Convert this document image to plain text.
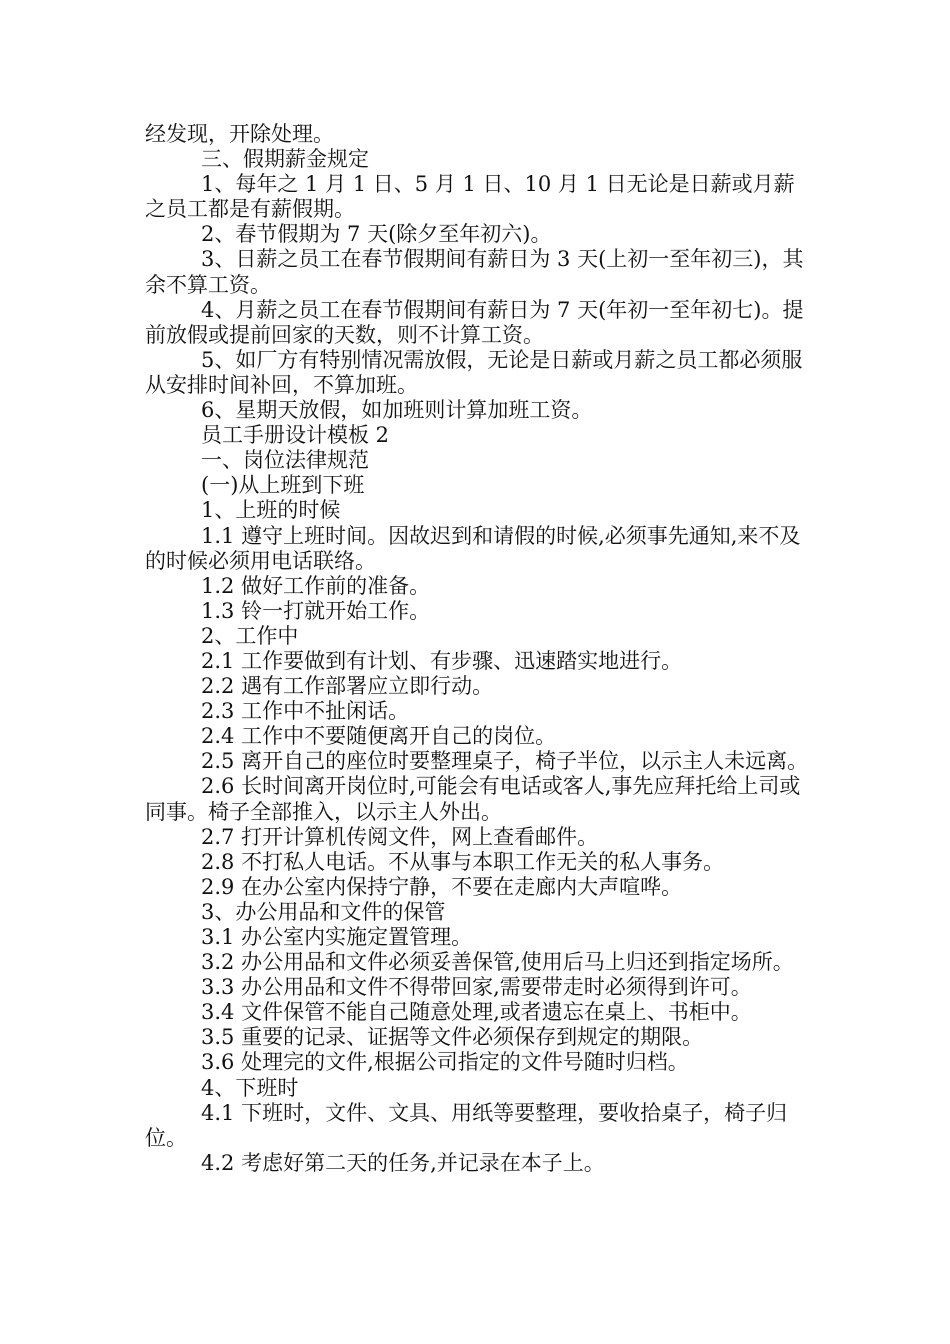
经发现，开除处理。

三、假期薪金规定

1、每年之 1 月 1 日、5 月 1 日、10 月 1 日无论是日薪或月薪之员工都是有薪假期。

2、春节假期为 7 天(除夕至年初六)。

3、日薪之员工在春节假期间有薪日为 3 天(上初一至年初三)，其余不算工资。

4、月薪之员工在春节假期间有薪日为 7 天(年初一至年初七)。提前放假或提前回家的天数，则不计算工资。

5、如厂方有特别情况需放假，无论是日薪或月薪之员工都必须服从安排时间补回，不算加班。

6、星期天放假，如加班则计算加班工资。

员工手册设计模板 2

一、岗位法律规范

(一)从上班到下班

1、上班的时候

1.1 遵守上班时间。因故迟到和请假的时候,必须事先通知,来不及的时候必须用电话联络。

1.2 做好工作前的准备。

1.3 铃一打就开始工作。

2、工作中

2.1 工作要做到有计划、有步骤、迅速踏实地进行。

2.2 遇有工作部署应立即行动。

2.3 工作中不扯闲话。

2.4 工作中不要随便离开自己的岗位。

2.5 离开自己的座位时要整理桌子，椅子半位，以示主人未远离。

2.6 长时间离开岗位时,可能会有电话或客人,事先应拜托给上司或同事。椅子全部推入，以示主人外出。

2.7 打开计算机传阅文件，网上查看邮件。

2.8 不打私人电话。不从事与本职工作无关的私人事务。

2.9 在办公室内保持宁静，不要在走廊内大声喧哗。

3、办公用品和文件的保管

3.1 办公室内实施定置管理。

3.2 办公用品和文件必须妥善保管,使用后马上归还到指定场所。

3.3 办公用品和文件不得带回家,需要带走时必须得到许可。

3.4 文件保管不能自己随意处理,或者遗忘在桌上、书柜中。

3.5 重要的记录、证据等文件必须保存到规定的期限。

3.6 处理完的文件,根据公司指定的文件号随时归档。

4、下班时

4.1 下班时，文件、文具、用纸等要整理，要收拾桌子，椅子归位。

4.2 考虑好第二天的任务,并记录在本子上。
